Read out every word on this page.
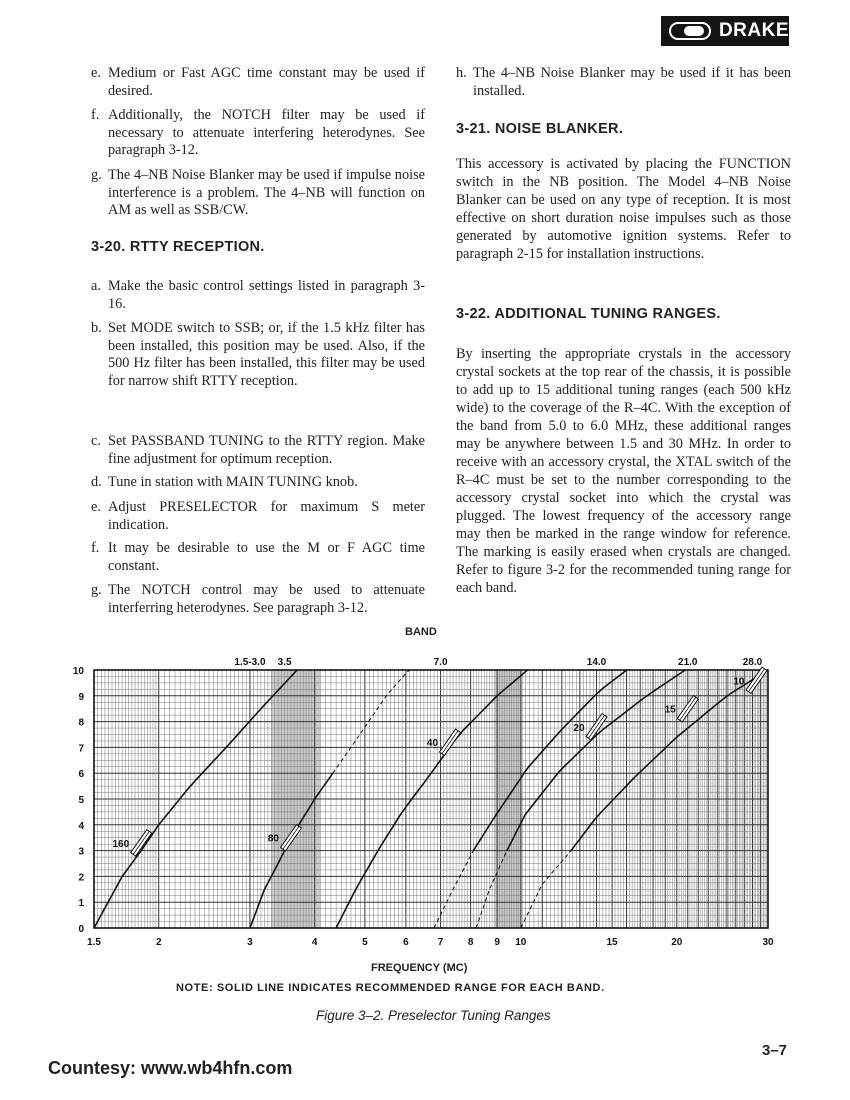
DRAKE
e. Medium or Fast AGC time constant may be used if desired.
f. Additionally, the NOTCH filter may be used if necessary to attenuate interfering heterodynes. See paragraph 3-12.
g. The 4–NB Noise Blanker may be used if impulse noise interference is a problem. The 4–NB will function on AM as well as SSB/CW.
3-20. RTTY RECEPTION.
a. Make the basic control settings listed in paragraph 3-16.
b. Set MODE switch to SSB; or, if the 1.5 kHz filter has been installed, this position may be used. Also, if the 500 Hz filter has been installed, this filter may be used for narrow shift RTTY reception.
c. Set PASSBAND TUNING to the RTTY region. Make fine adjustment for optimum reception.
d. Tune in station with MAIN TUNING knob.
e. Adjust PRESELECTOR for maximum S meter indication.
f. It may be desirable to use the M or F AGC time constant.
g. The NOTCH control may be used to attenuate interferring heterodynes. See paragraph 3-12.
h. The 4–NB Noise Blanker may be used if it has been installed.
3-21. NOISE BLANKER.
This accessory is activated by placing the FUNCTION switch in the NB position. The Model 4–NB Noise Blanker can be used on any type of reception. It is most effective on short duration noise impulses such as those generated by automotive ignition systems. Refer to paragraph 2-15 for installation instructions.
3-22. ADDITIONAL TUNING RANGES.
By inserting the appropriate crystals in the accessory crystal sockets at the top rear of the chassis, it is possible to add up to 15 additional tuning ranges (each 500 kHz wide) to the coverage of the R–4C. With the exception of the band from 5.0 to 6.0 MHz, these additional ranges may be anywhere between 1.5 and 30 MHz. In order to receive with an accessory crystal, the XTAL switch of the R–4C must be set to the number corresponding to the accessory crystal socket into which the crystal was plugged. The lowest frequency of the accessory range may then be marked in the range window for reference. The marking is easily erased when crystals are changed. Refer to figure 3-2 for the recommended tuning range for each band.
160	80
40
20
15
10
0
1
2
3
4
5
6
7
8
9
10
1.5	2	3	4	5	6	7 8 9 10	15	20	30
1.5-3.0 3.5	7.0	14.0	21.0	28.0
BAND
FREQUENCY (MC)
NOTE: SOLID LINE INDICATES RECOMMENDED RANGE FOR EACH BAND.
Figure 3–2. Preselector Tuning Ranges
Countesy: www.wb4hfn.com
3–7
